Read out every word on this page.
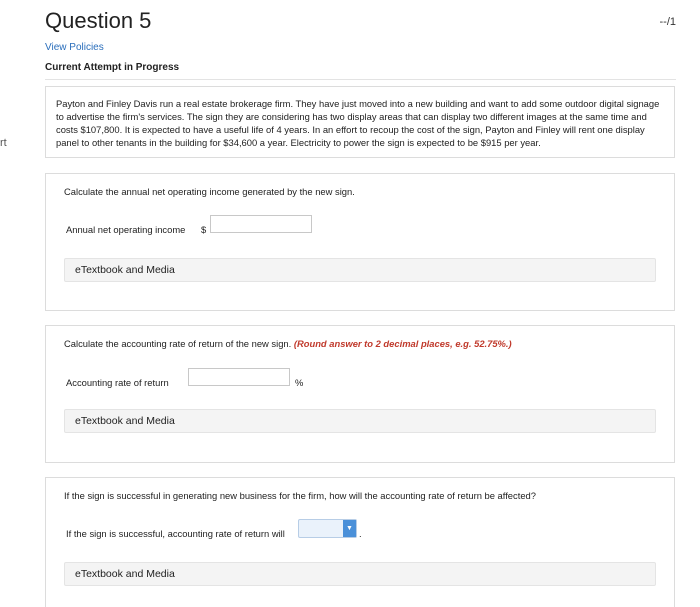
rt
Question 5	--/1
View Policies
Current Attempt in Progress
Payton and Finley Davis run a real estate brokerage firm. They have just moved into a new building and want to add some outdoor digital signage to advertise the firm's services. The sign they are considering has two display areas that can display two different images at the same time and costs $107,800. It is expected to have a useful life of 4 years. In an effort to recoup the cost of the sign, Payton and Finley will rent one display panel to other tenants in the building for $34,600 a year. Electricity to power the sign is expected to be $915 per year.
Calculate the annual net operating income generated by the new sign.
Annual net operating income $
eTextbook and Media
Calculate the accounting rate of return of the new sign. (Round answer to 2 decimal places, e.g. 52.75%.)
Accounting rate of return	%
eTextbook and Media
If the sign is successful in generating new business for the firm, how will the accounting rate of return be affected?
If the sign is successful, accounting rate of return will	▼ .
eTextbook and Media
